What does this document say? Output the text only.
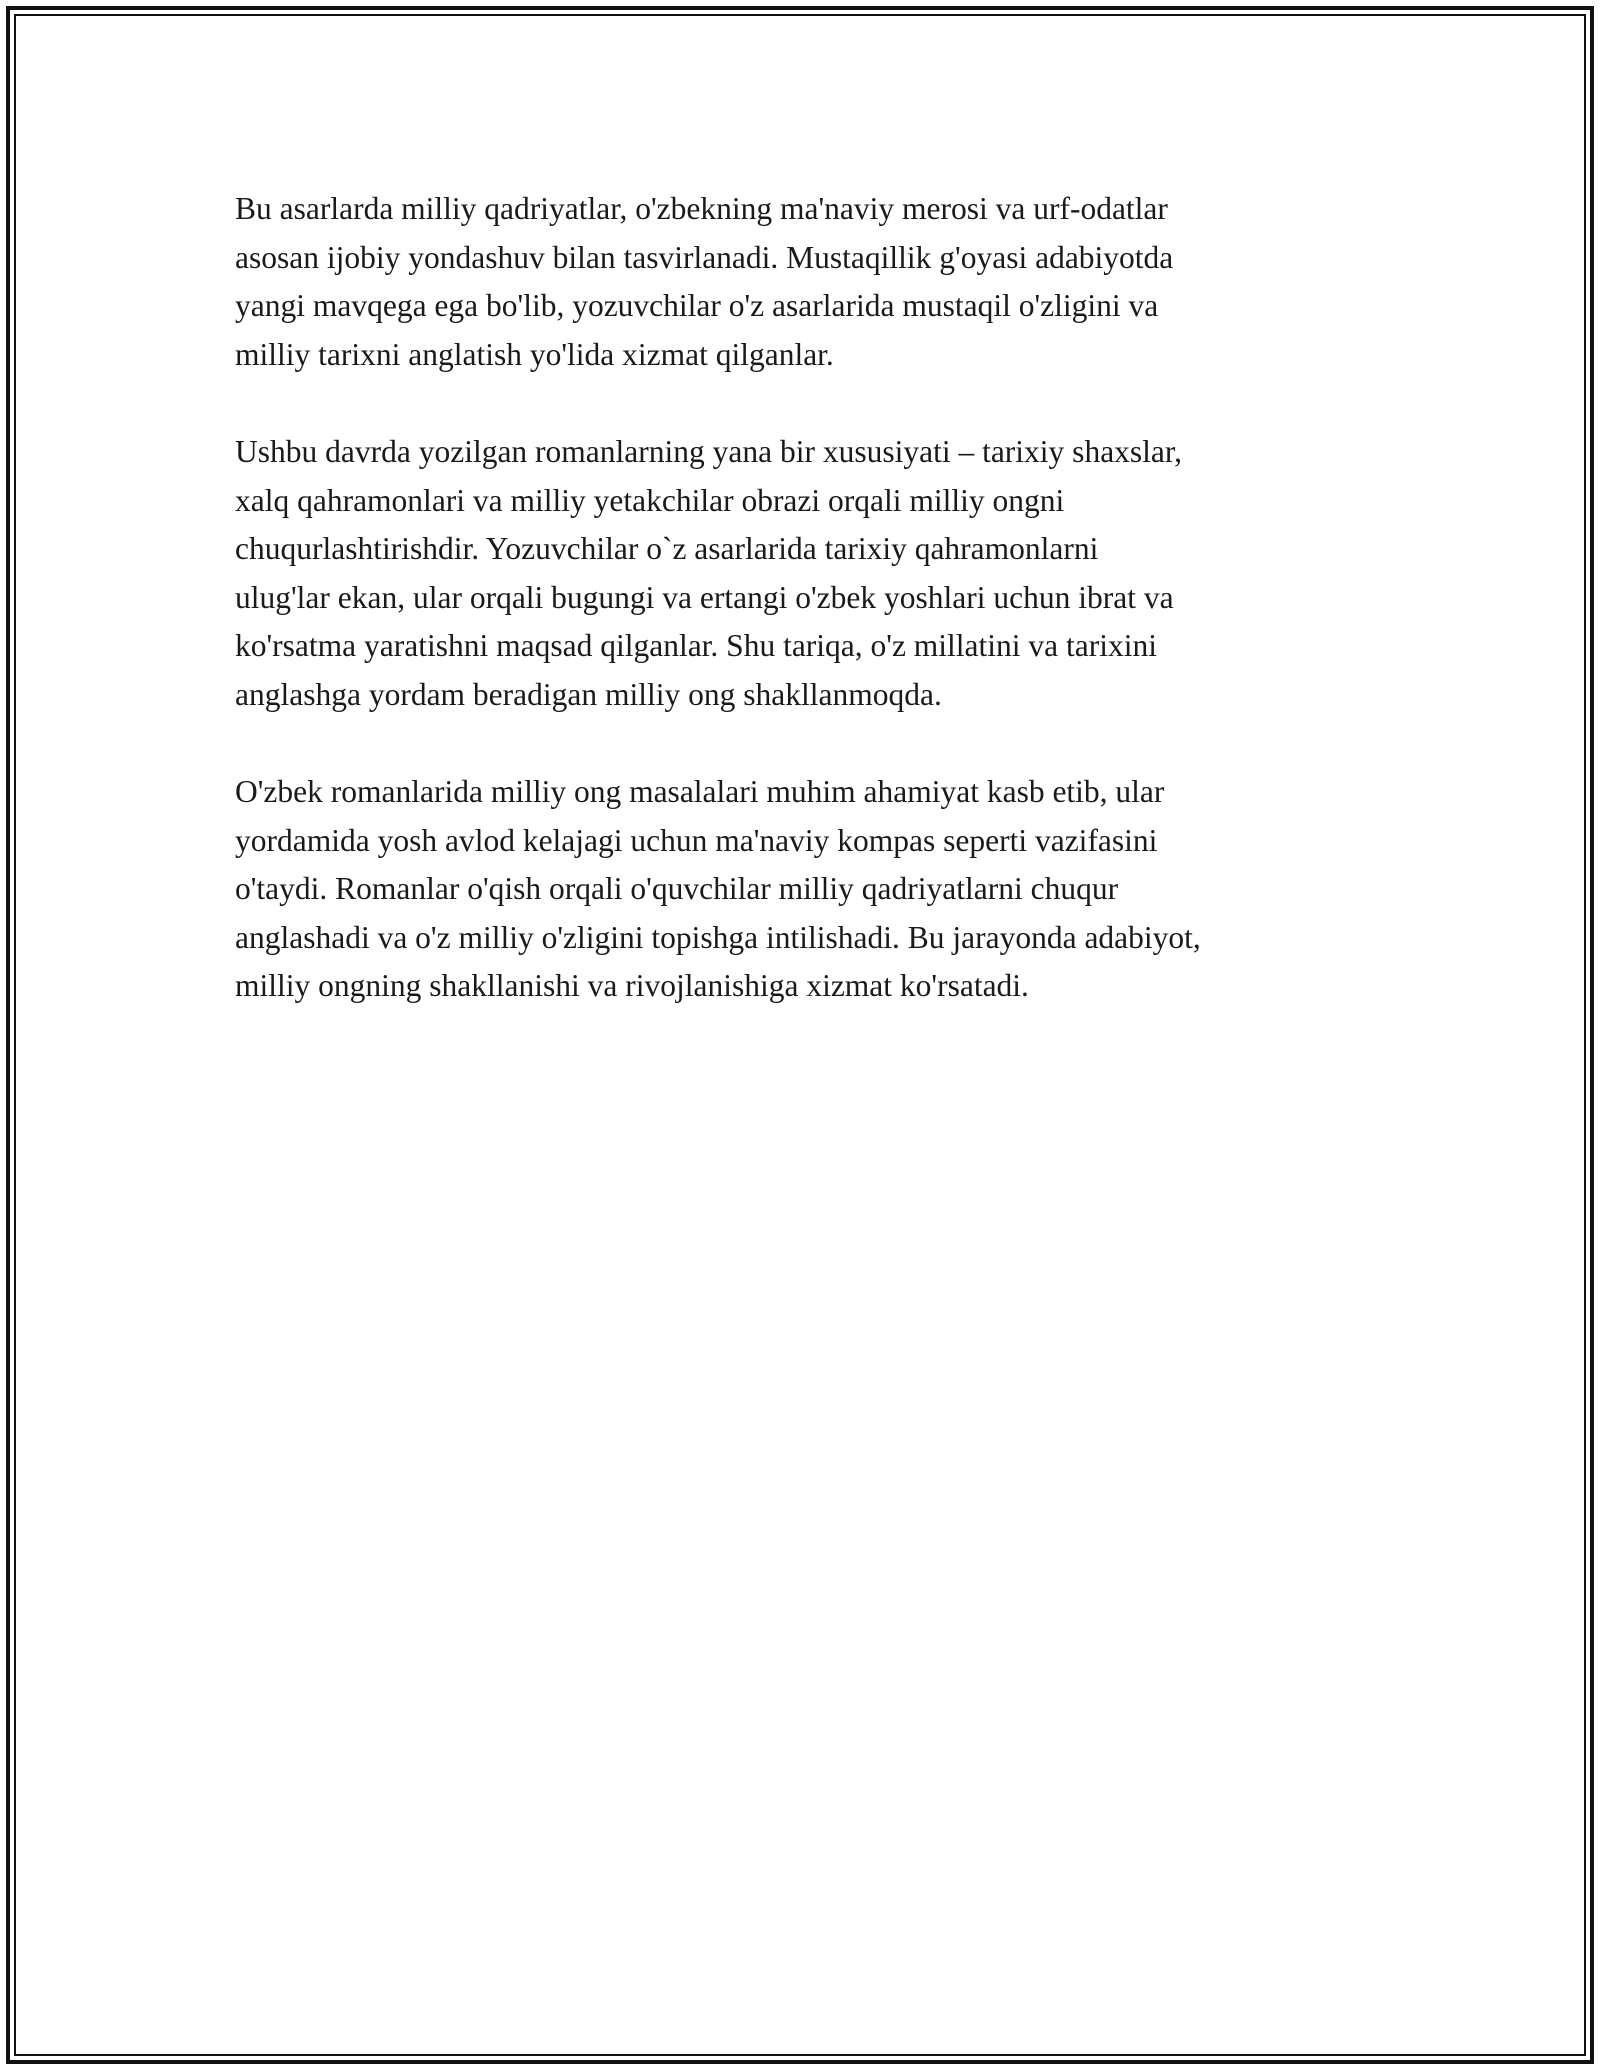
Bu asarlarda milliy qadriyatlar, o'zbekning ma'naviy merosi va urf-odatlar
asosan ijobiy yondashuv bilan tasvirlanadi. Mustaqillik g'oyasi adabiyotda
yangi mavqega ega bo'lib, yozuvchilar o'z asarlarida mustaqil o'zligini va
milliy tarixni anglatish yo'lida xizmat qilganlar.

Ushbu davrda yozilgan romanlarning yana bir xususiyati – tarixiy shaxslar,
xalq qahramonlari va milliy yetakchilar obrazi orqali milliy ongni
chuqurlashtirishdir. Yozuvchilar o`z asarlarida tarixiy qahramonlarni
ulug'lar ekan, ular orqali bugungi va ertangi o'zbek yoshlari uchun ibrat va
ko'rsatma yaratishni maqsad qilganlar. Shu tariqa, o'z millatini va tarixini
anglashga yordam beradigan milliy ong shakllanmoqda.

O'zbek romanlarida milliy ong masalalari muhim ahamiyat kasb etib, ular
yordamida yosh avlod kelajagi uchun ma'naviy kompas seperti vazifasini
o'taydi. Romanlar o'qish orqali o'quvchilar milliy qadriyatlarni chuqur
anglashadi va o'z milliy o'zligini topishga intilishadi. Bu jarayonda adabiyot,
milliy ongning shakllanishi va rivojlanishiga xizmat ko'rsatadi.
